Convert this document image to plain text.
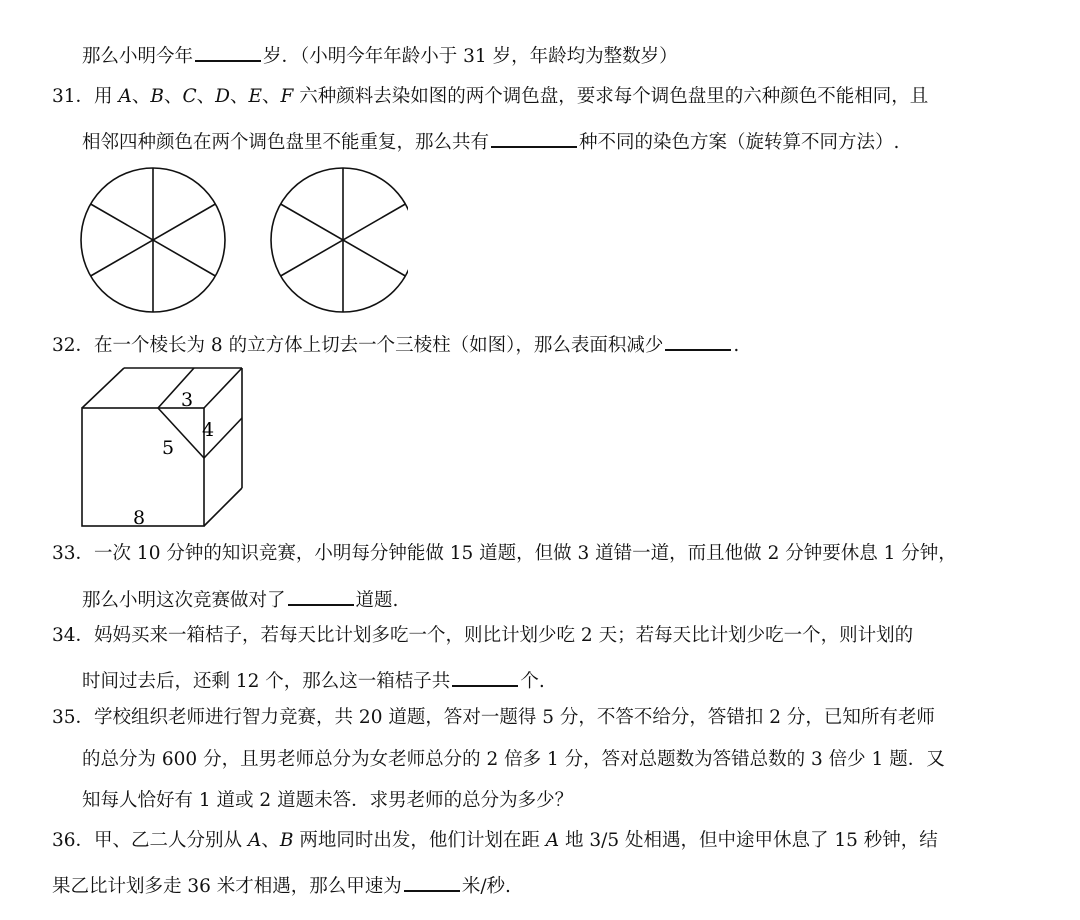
那么小明今年	岁．（小明今年年龄小于 31 岁，年龄均为整数岁）
31．用 A、B、C、D、E、F 六种颜料去染如图的两个调色盘，要求每个调色盘里的六种颜色不能相同，且
相邻四种颜色在两个调色盘里不能重复，那么共有	种不同的染色方案（旋转算不同方法）.
32．在一个棱长为 8 的立方体上切去一个三棱柱（如图），那么表面积减少	.
3
4
5
8
33．一次 10 分钟的知识竞赛，小明每分钟能做 15 道题，但做 3 道错一道，而且他做 2 分钟要休息 1 分钟，
那么小明这次竞赛做对了	道题.
34．妈妈买来一箱桔子，若每天比计划多吃一个，则比计划少吃 2 天；若每天比计划少吃一个，则计划的
时间过去后，还剩 12 个，那么这一箱桔子共	个.
35．学校组织老师进行智力竞赛，共 20 道题，答对一题得 5 分，不答不给分，答错扣 2 分，已知所有老师
的总分为 600 分，且男老师总分为女老师总分的 2 倍多 1 分，答对总题数为答错总数的 3 倍少 1 题．又
知每人恰好有 1 道或 2 道题未答．求男老师的总分为多少？
36．甲、乙二人分别从 A、B 两地同时出发，他们计划在距 A 地 3/5 处相遇，但中途甲休息了 15 秒钟，结
果乙比计划多走 36 米才相遇，那么甲速为	米/秒.
